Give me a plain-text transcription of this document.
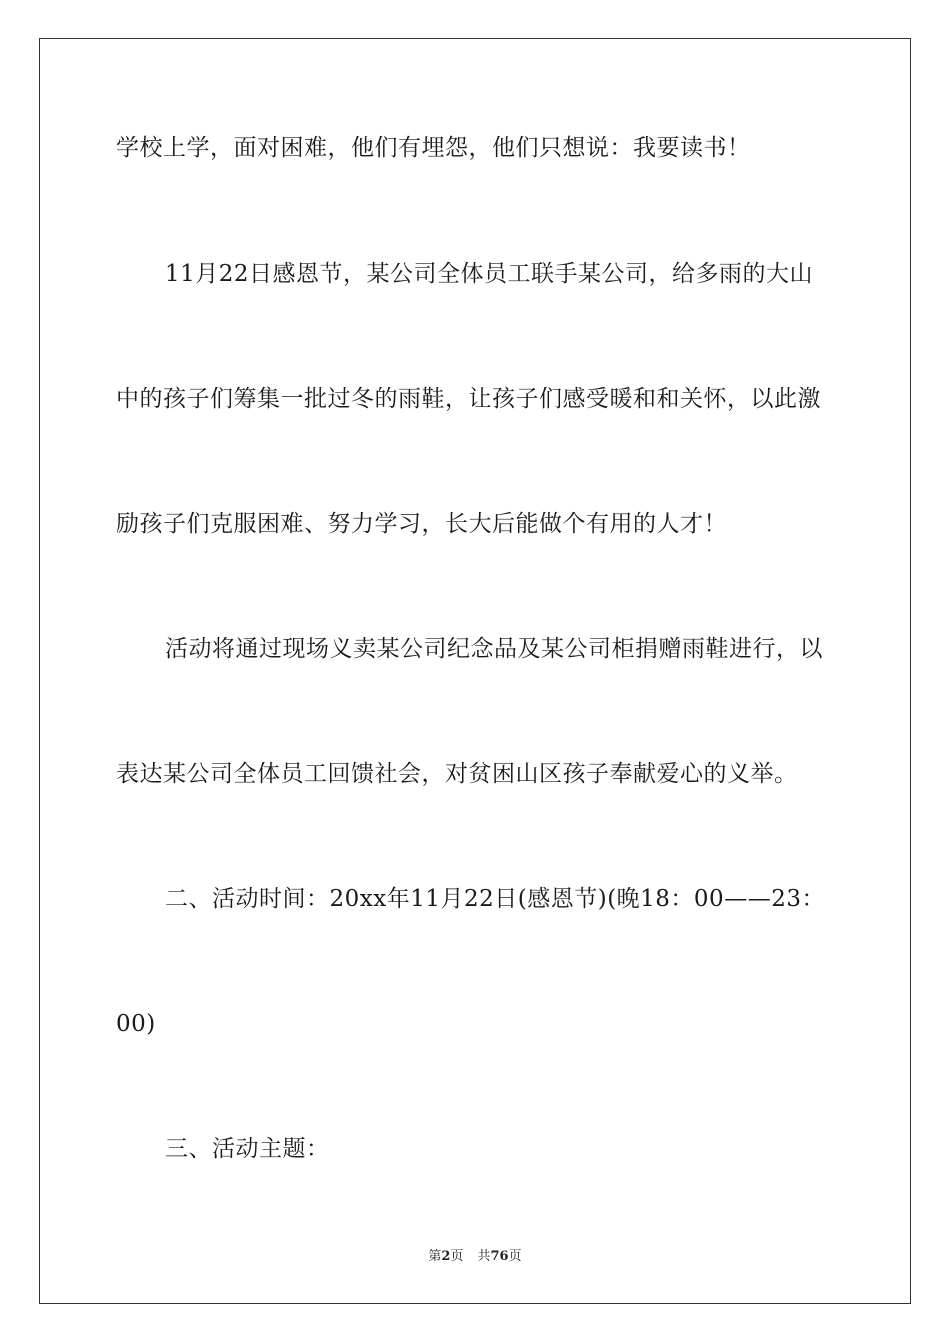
学校上学，面对困难，他们有埋怨，他们只想说：我要读书！
11月22日感恩节，某公司全体员工联手某公司，给多雨的大山
中的孩子们筹集一批过冬的雨鞋，让孩子们感受暖和和关怀，以此激
励孩子们克服困难、努力学习，长大后能做个有用的人才！
活动将通过现场义卖某公司纪念品及某公司柜捐赠雨鞋进行，以
表达某公司全体员工回馈社会，对贫困山区孩子奉献爱心的义举。
二、活动时间：20xx年11月22日(感恩节)(晚18：00——23：
00)
三、活动主题：
第2页 共76页
